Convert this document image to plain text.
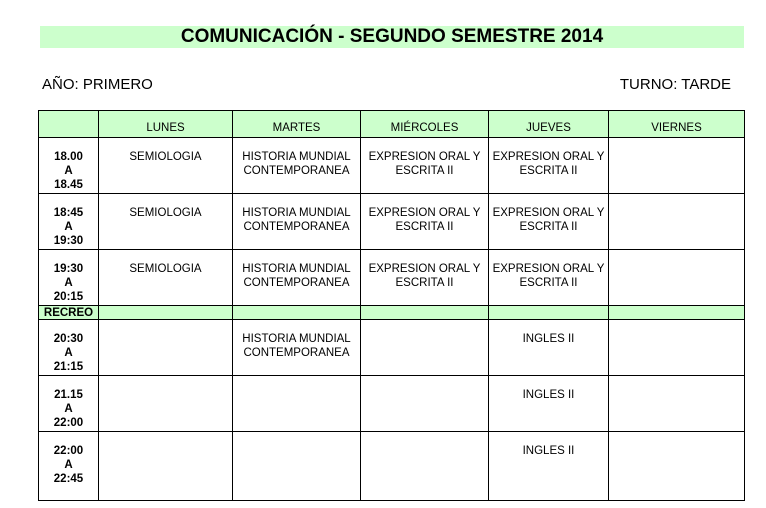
COMUNICACIÓN - SEGUNDO SEMESTRE 2014
AÑO: PRIMERO	TURNO: TARDE
	LUNES	MARTES	MIÉRCOLES	JUEVES	VIERNES

18.00
A
18.45	SEMIOLOGIA	HISTORIA MUNDIAL CONTEMPORANEA	EXPRESION ORAL Y ESCRITA II	EXPRESION ORAL Y ESCRITA II	

18:45
A
19:30	SEMIOLOGIA	HISTORIA MUNDIAL CONTEMPORANEA	EXPRESION ORAL Y ESCRITA II	EXPRESION ORAL Y ESCRITA II	

19:30
A
20:15	SEMIOLOGIA	HISTORIA MUNDIAL CONTEMPORANEA	EXPRESION ORAL Y ESCRITA II	EXPRESION ORAL Y ESCRITA II	
RECREO					

20:30
A
21:15		HISTORIA MUNDIAL CONTEMPORANEA		INGLES II	

21.15
A
22:00				INGLES II	

22:00
A
22:45				INGLES II	
